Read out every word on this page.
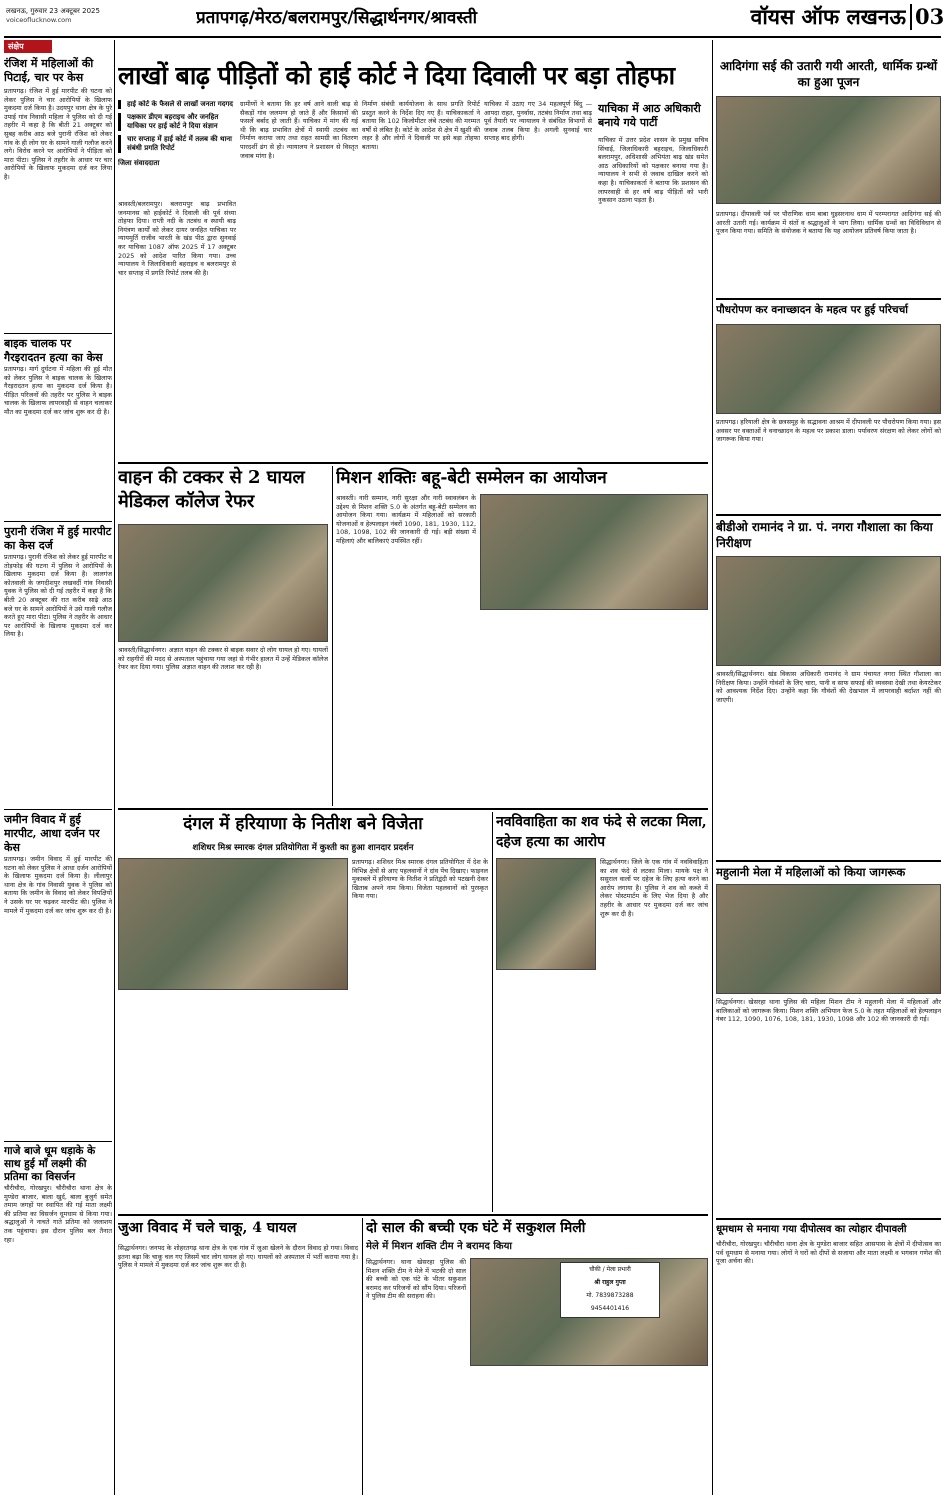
लखनऊ, गुरुवार 23 अक्टूबर 2025
voiceoflucknow.com	प्रतापगढ़/मेरठ/बलरामपुर/सिद्धार्थनगर/श्रावस्ती	वॉयस ऑफ लखनऊ 03
संक्षेप
रंजिश में महिलाओं की पिटाई, चार पर केस
प्रतापगढ़। रंजिश में हुई मारपीट की घटना को लेकर पुलिस ने चार आरोपियों के खिलाफ मुकदमा दर्ज किया है। उदयपुर थाना क्षेत्र के पुरे उपाई गांव निवासी महिला ने पुलिस को दी गई तहरीर में कहा है कि बीती 21 अक्टूबर को सुबह करीब आठ बजे पुरानी रंजिश को लेकर गांव के ही लोग घर के सामने गाली गलौज करने लगे। विरोध करने पर आरोपियों ने पीड़िता को मारा पीटा। पुलिस ने तहरीर के आधार पर चार आरोपियों के खिलाफ मुकदमा दर्ज कर लिया है।
बाइक चालक पर गैरइरादतन हत्या का केस
प्रतापगढ़। मार्ग दुर्घटना में महिला की हुई मौत को लेकर पुलिस ने बाइक चालक के खिलाफ गैरइरादतन हत्या का मुकदमा दर्ज किया है। पीड़ित परिजनों की तहरीर पर पुलिस ने बाइक चालक के खिलाफ लापरवाही से वाहन चलाकर मौत का मुकदमा दर्ज कर जांच शुरू कर दी है।
पुरानी रंजिश में हुई मारपीट का केस दर्ज
प्रतापगढ़। पुरानी रंजिश को लेकर हुई मारपीट व तोड़फोड़ की घटना में पुलिस ने आरोपियों के खिलाफ मुकदमा दर्ज किया है। लालगंज कोतवाली के जगदीशपुर लखवर्दी गांव निवासी युवक ने पुलिस को दी गई तहरीर में कहा है कि बीती 20 अक्टूबर की रात करीब साढ़े आठ बजे घर के सामने आरोपियों ने उसे गाली गलौज करते हुए मारा पीटा। पुलिस ने तहरीर के आधार पर आरोपियों के खिलाफ मुकदमा दर्ज कर लिया है।
जमीन विवाद में हुई मारपीट, आधा दर्जन पर केस
प्रतापगढ़। जमीन विवाद में हुई मारपीट की घटना को लेकर पुलिस ने आधा दर्जन आरोपियों के खिलाफ मुकदमा दर्ज किया है। लीलापुर थाना क्षेत्र के गांव निवासी युवक ने पुलिस को बताया कि जमीन के विवाद को लेकर विपक्षियों ने उसके घर पर चढ़कर मारपीट की। पुलिस ने मामले में मुकदमा दर्ज कर जांच शुरू कर दी है।
गाजे बाजे धूम धड़ाके के साथ हुई माँ लक्ष्मी की प्रतिमा का विसर्जन
चौरीचौरा, गोरखपुर। चौरीचौरा थाना क्षेत्र के मुण्डेरा बाजार, बाला खुर्द, बाला बुजुर्ग समेत तमाम जगहों पर स्थापित की गई माता लक्ष्मी की प्रतिमा का विसर्जन धूमधाम से किया गया। श्रद्धालुओं ने नाचते गाते प्रतिमा को जलाशय तक पहुंचाया। इस दौरान पुलिस बल तैनात रहा।
लाखों बाढ़ पीड़ितों को हाई कोर्ट ने दिया दिवाली पर बड़ा तोहफा
हाई कोर्ट के फैसले से लाखों जनता गदगद
पक्षकार डीएम बहराइच और जनहित याचिका पर हाई कोर्ट ने दिया संज्ञान
चार सप्ताह में हाई कोर्ट में तलब की थाना संबंधी प्रगति रिपोर्ट
जिला संवाददाता
श्रावस्ती/बलरामपुर। बलरामपुर बाढ़ प्रभावित जनमानस को हाईकोर्ट ने दिवाली की पूर्व संध्या तोहफा दिया। राप्ती नदी के तटबंध व स्थायी बाढ़ नियंत्रण कार्यों को लेकर दायर जनहित याचिका पर न्यायमूर्ति राजीव भारती के खंड पीठ द्वारा सुनवाई कर याचिका 1087 ऑफ 2025 में 17 अक्टूबर 2025 को आदेश पारित किया गया। उच्च न्यायालय ने जिलाधिकारी बहराइच व बलरामपुर से चार सप्ताह में प्रगति रिपोर्ट तलब की है।
ग्रामीणों ने बताया कि हर वर्ष आने वाली बाढ़ से सैकड़ों गांव जलमग्न हो जाते हैं और किसानों की फसलें बर्बाद हो जाती हैं। याचिका में मांग की गई थी कि बाढ़ प्रभावित क्षेत्रों में स्थायी तटबंध का निर्माण कराया जाए तथा राहत सामग्री का वितरण पारदर्शी ढंग से हो। न्यायालय ने प्रशासन से विस्तृत जवाब मांगा है।
निर्माण संबंधी कार्ययोजना के साथ प्रगति रिपोर्ट प्रस्तुत करने के निर्देश दिए गए हैं। याचिकाकर्ता ने बताया कि 102 किलोमीटर लंबे तटबंध की मरम्मत वर्षों से लंबित है। कोर्ट के आदेश से क्षेत्र में खुशी की लहर है और लोगों ने दिवाली पर इसे बड़ा तोहफा बताया।
याचिका में उठाए गए 34 महत्वपूर्ण बिंदु — आपदा राहत, पुनर्वास, तटबंध निर्माण तथा बाढ़ पूर्व तैयारी पर न्यायालय ने संबंधित विभागों से जवाब तलब किया है। अगली सुनवाई चार सप्ताह बाद होगी।
याचिका में आठ अधिकारी बनाये गये पार्टी
याचिका में उत्तर प्रदेश शासन के प्रमुख सचिव सिंचाई, जिलाधिकारी बहराइच, जिलाधिकारी बलरामपुर, अधिशासी अभियंता बाढ़ खंड समेत आठ अधिकारियों को पक्षकार बनाया गया है। न्यायालय ने सभी से जवाब दाखिल करने को कहा है। याचिकाकर्ता ने बताया कि प्रशासन की लापरवाही से हर वर्ष बाढ़ पीड़ितों को भारी नुकसान उठाना पड़ता है।
आदिगंगा सई की उतारी गयी आरती, धार्मिक ग्रन्थों का हुआ पूजन
प्रतापगढ़। दीपावली पर्व पर पौराणिक धाम बाबा घुइसरनाथ धाम में परम्परागत आदिगंगा सई की आरती उतारी गई। कार्यक्रम में संतों व श्रद्धालुओं ने भाग लिया। धार्मिक ग्रन्थों का विधिविधान से पूजन किया गया। समिति के संयोजक ने बताया कि यह आयोजन प्रतिवर्ष किया जाता है।
पौधरोपण कर वनाच्छादन के महत्व पर हुई परिचर्चा
प्रतापगढ़। हरियाली क्षेत्र के छत्रसमूह के सद्भावना आश्रम में दीपावली पर पौधरोपण किया गया। इस अवसर पर वक्ताओं ने वनाच्छादन के महत्व पर प्रकाश डाला। पर्यावरण संरक्षण को लेकर लोगों को जागरूक किया गया।
बीडीओ रामानंद ने ग्रा. पं. नगरा गौशाला का किया निरीक्षण
श्रावस्ती/सिद्धार्थनगर। खंड विकास अधिकारी रामानंद ने ग्राम पंचायत नगरा स्थित गौशाला का निरीक्षण किया। उन्होंने गोवंशों के लिए चारा, पानी व साफ सफाई की व्यवस्था देखी तथा केयरटेकर को आवश्यक निर्देश दिए। उन्होंने कहा कि गौवंशों की देखभाल में लापरवाही बर्दाश्त नहीं की जाएगी।
महुलानी मेला में महिलाओं को किया जागरूक
सिद्धार्थनगर। खेसरहा थाना पुलिस की महिला मिशन टीम ने महुलानी मेला में महिलाओं और बालिकाओं को जागरूक किया। मिशन शक्ति अभियान फेज 5.0 के तहत महिलाओं को हेल्पलाइन नंबर 112, 1090, 1076, 108, 181, 1930, 1098 और 102 की जानकारी दी गई।
धूमधाम से मनाया गया दीपोत्सव का त्योहार दीपावली
चौरीचौरा, गोरखपुर। चौरीचौरा थाना क्षेत्र के मुण्डेरा बाजार सहित आसपास के क्षेत्रों में दीपोत्सव का पर्व धूमधाम से मनाया गया। लोगों ने घरों को दीपों से सजाया और माता लक्ष्मी व भगवान गणेश की पूजा अर्चना की।
वाहन की टक्कर से 2 घायल मेडिकल कॉलेज रेफर
श्रावस्ती/सिद्धार्थनगर। अज्ञात वाहन की टक्कर से बाइक सवार दो लोग घायल हो गए। घायलों को राहगीरों की मदद से अस्पताल पहुंचाया गया जहां से गंभीर हालत में उन्हें मेडिकल कॉलेज रेफर कर दिया गया। पुलिस अज्ञात वाहन की तलाश कर रही है।
मिशन शक्तिः बहू-बेटी सम्मेलन का आयोजन
श्रावस्ती। नारी सम्मान, नारी सुरक्षा और नारी स्वावलंबन के उद्देश्य से मिशन शक्ति 5.0 के अंतर्गत बहू-बेटी सम्मेलन का आयोजन किया गया। कार्यक्रम में महिलाओं को सरकारी योजनाओं व हेल्पलाइन नंबरों 1090, 181, 1930, 112, 108, 1098, 102 की जानकारी दी गई। बड़ी संख्या में महिलाएं और बालिकाएं उपस्थित रहीं।
दंगल में हरियाणा के नितीश बने विजेता
शशिधर मिश्र स्मारक दंगल प्रतियोगिता में कुश्ती का हुआ शानदार प्रदर्शन
प्रतापगढ़। शशिधर मिश्र स्मारक दंगल प्रतियोगिता में देश के विभिन्न क्षेत्रों से आए पहलवानों ने दांव पेंच दिखाए। फाइनल मुकाबले में हरियाणा के नितीश ने प्रतिद्वंदी को पटखनी देकर खिताब अपने नाम किया। विजेता पहलवानों को पुरस्कृत किया गया।
नवविवाहिता का शव फंदे से लटका मिला, दहेज हत्या का आरोप
सिद्धार्थनगर। जिले के एक गांव में नवविवाहिता का शव फंदे से लटका मिला। मायके पक्ष ने ससुराल वालों पर दहेज के लिए हत्या करने का आरोप लगाया है। पुलिस ने शव को कब्जे में लेकर पोस्टमार्टम के लिए भेज दिया है और तहरीर के आधार पर मुकदमा दर्ज कर जांच शुरू कर दी है।
जुआ विवाद में चले चाकू, 4 घायल
सिद्धार्थनगर। जनपद के शोहरतगढ़ थाना क्षेत्र के एक गांव में जुआ खेलने के दौरान विवाद हो गया। विवाद इतना बढ़ा कि चाकू चल गए जिसमें चार लोग घायल हो गए। घायलों को अस्पताल में भर्ती कराया गया है। पुलिस ने मामले में मुकदमा दर्ज कर जांच शुरू कर दी है।
दो साल की बच्ची एक घंटे में सकुशल मिली
मेले में मिशन शक्ति टीम ने बरामद किया
सिद्धार्थनगर। थाना खेसरहा पुलिस की मिशन शक्ति टीम ने मेले में भटकी दो साल की बच्ची को एक घंटे के भीतर सकुशल बरामद कर परिजनों को सौंप दिया। परिजनों ने पुलिस टीम की सराहना की।
चौकी / मेला प्रभारी
श्री राहुल गुप्ता
मो. 7839873288
9454401416
